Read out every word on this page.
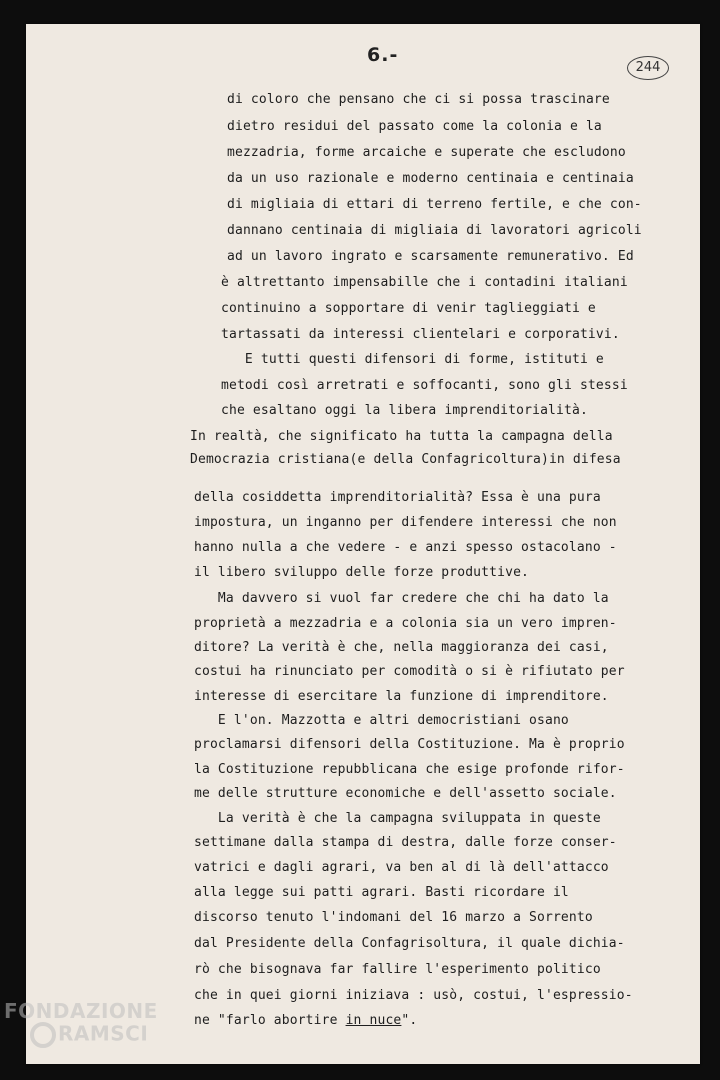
6.-
244
di coloro che pensano che ci si possa trascinare
dietro residui del passato come la colonia e la
mezzadria, forme arcaiche e superate che escludono
da un uso razionale e moderno centinaia e centinaia
di migliaia di ettari di terreno fertile, e che con-
dannano centinaia di migliaia di lavoratori agricoli
ad un lavoro ingrato e scarsamente remunerativo. Ed
è altrettanto impensabille che i contadini italiani
continuino a sopportare di venir taglieggiati e
tartassati da interessi clientelari e corporativi.
E tutti questi difensori di forme, istituti e
metodi così arretrati e soffocanti, sono gli stessi
che esaltano oggi la libera imprenditorialità.
In realtà, che significato ha tutta la campagna della
Democrazia cristiana(e della Confagricoltura)in difesa
della cosiddetta imprenditorialità? Essa è una pura
impostura, un inganno per difendere interessi che non
hanno nulla a che vedere - e anzi spesso ostacolano -
il libero sviluppo delle forze produttive.
Ma davvero si vuol far credere che chi ha dato la
proprietà a mezzadria e a colonia sia un vero impren-
ditore? La verità è che, nella maggioranza dei casi,
costui ha rinunciato per comodità o si è rifiutato per
interesse di esercitare la funzione di imprenditore.
E l'on. Mazzotta e altri democristiani osano
proclamarsi difensori della Costituzione. Ma è proprio
la Costituzione repubblicana che esige profonde rifor-
me delle strutture economiche e dell'assetto sociale.
La verità è che la campagna sviluppata in queste
settimane dalla stampa di destra, dalle forze conser-
vatrici e dagli agrari, va ben al di là dell'attacco
alla legge sui patti agrari. Basti ricordare il
discorso tenuto l'indomani del 16 marzo a Sorrento
dal Presidente della Confagrisoltura, il quale dichia-
rò che bisognava far fallire l'esperimento politico
che in quei giorni iniziava : usò, costui, l'espressio-
ne "farlo abortire in nuce".
FONDAZIONE
RAMSCI
